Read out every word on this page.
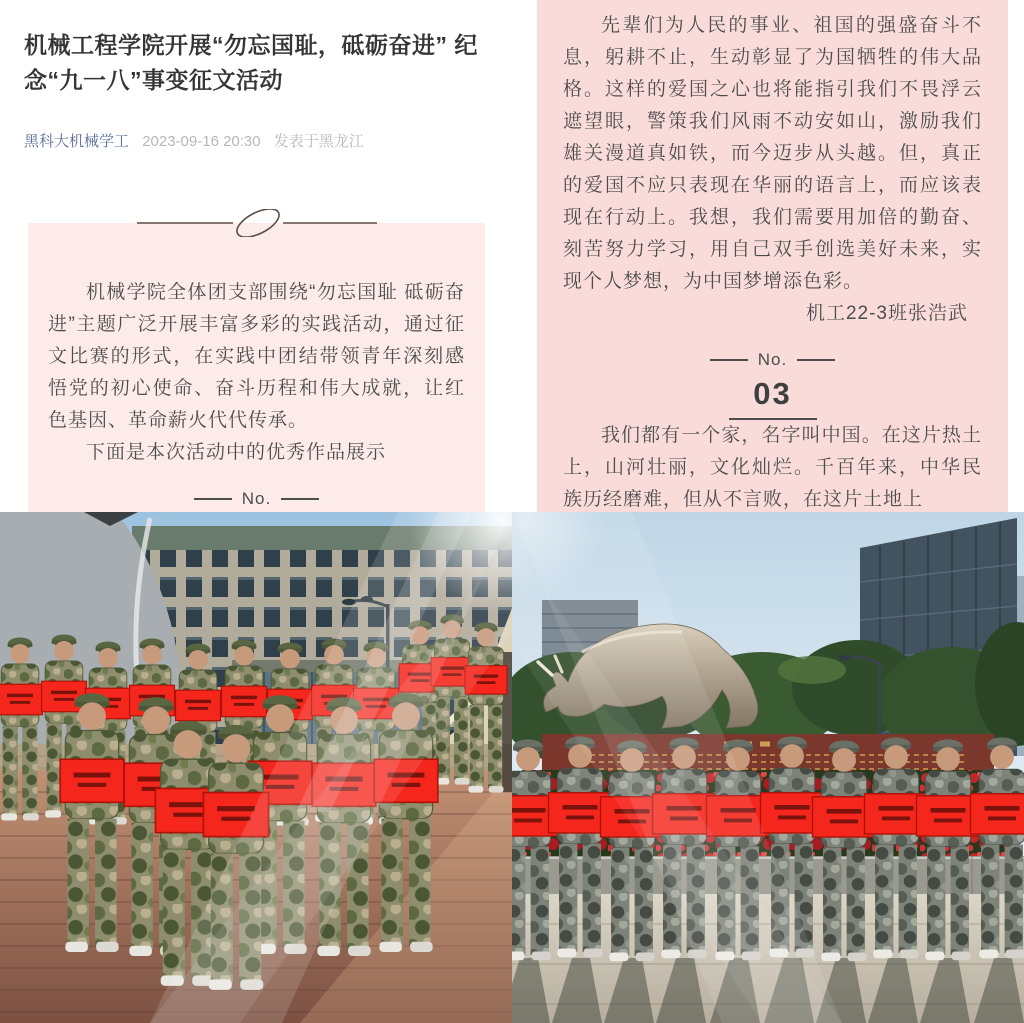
机械工程学院开展“勿忘国耻，砥砺奋进” 纪念“九一八”事变征文活动
黑科大机械学工 2023-09-16 20:30 发表于黑龙江

机械学院全体团支部围绕“勿忘国耻 砥砺奋进”主题广泛开展丰富多彩的实践活动，通过征文比赛的形式，在实践中团结带领青年深刻感悟党的初心使命、奋斗历程和伟大成就，让红色基因、革命薪火代代传承。

下面是本次活动中的优秀作品展示

No.

先辈们为人民的事业、祖国的强盛奋斗不息，躬耕不止，生动彰显了为国牺牲的伟大品格。这样的爱国之心也将能指引我们不畏浮云遮望眼，警策我们风雨不动安如山，激励我们雄关漫道真如铁，而今迈步从头越。但，真正的爱国不应只表现在华丽的语言上，而应该表现在行动上。我想，我们需要用加倍的勤奋、刻苦努力学习，用自己双手创选美好未来，实现个人梦想，为中国梦增添色彩。

机工22-3班张浩武

No.
03

我们都有一个家，名字叫中国。在这片热土上，山河壮丽，文化灿烂。千百年来，中华民族历经磨难，但从不言败，在这片土地上
